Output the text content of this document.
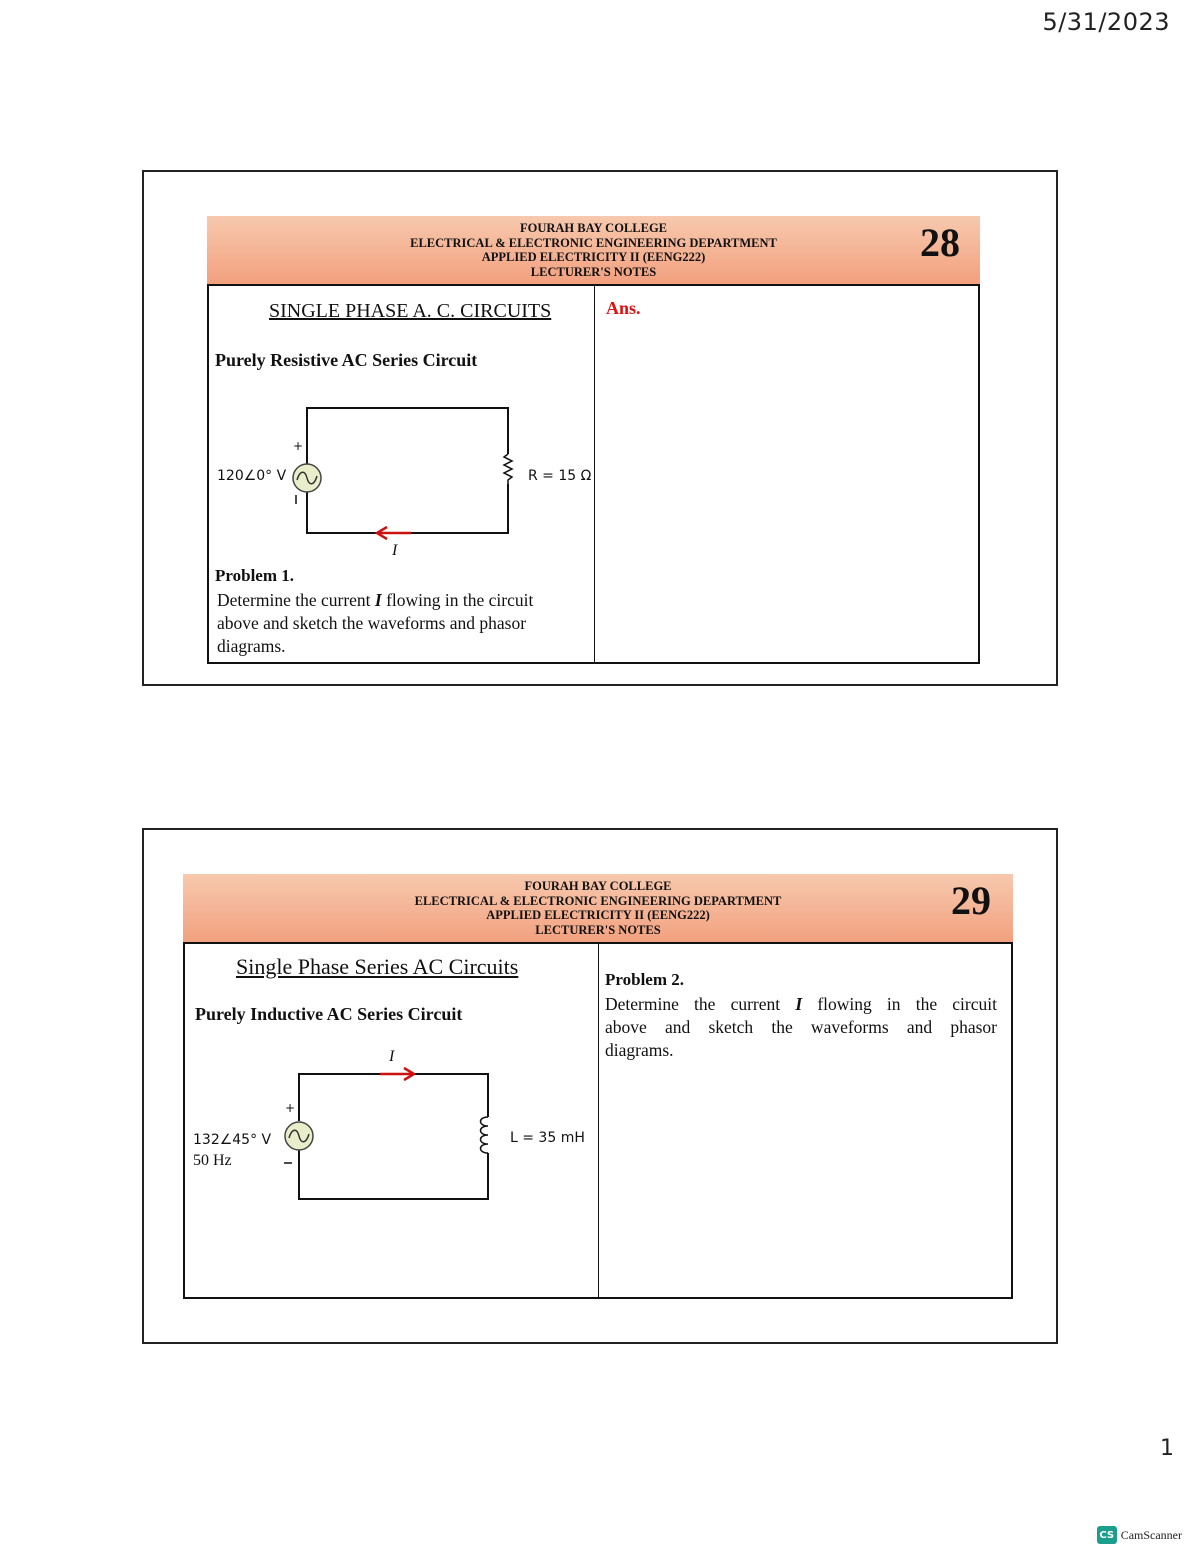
5/31/2023
FOURAH BAY COLLEGE
ELECTRICAL & ELECTRONIC ENGINEERING DEPARTMENT
APPLIED ELECTRICITY II (EENG222)
LECTURER'S NOTES
28
SINGLE PHASE A. C. CIRCUITS
Purely Resistive AC Series Circuit
+
120∠0° V	R = 15 Ω
I
Problem 1.
Determine the current I flowing in the circuit
above and sketch the waveforms and phasor
diagrams.
Ans.
FOURAH BAY COLLEGE
ELECTRICAL & ELECTRONIC ENGINEERING DEPARTMENT
APPLIED ELECTRICITY II (EENG222)
LECTURER'S NOTES
29
Single Phase Series AC Circuits
Purely Inductive AC Series Circuit
+
I
132∠45° V
50 Hz
L = 35 mH
Problem 2.
Determine the current I flowing in the circuit
above and sketch the waveforms and phasor
diagrams.
1
CS CamScanner
